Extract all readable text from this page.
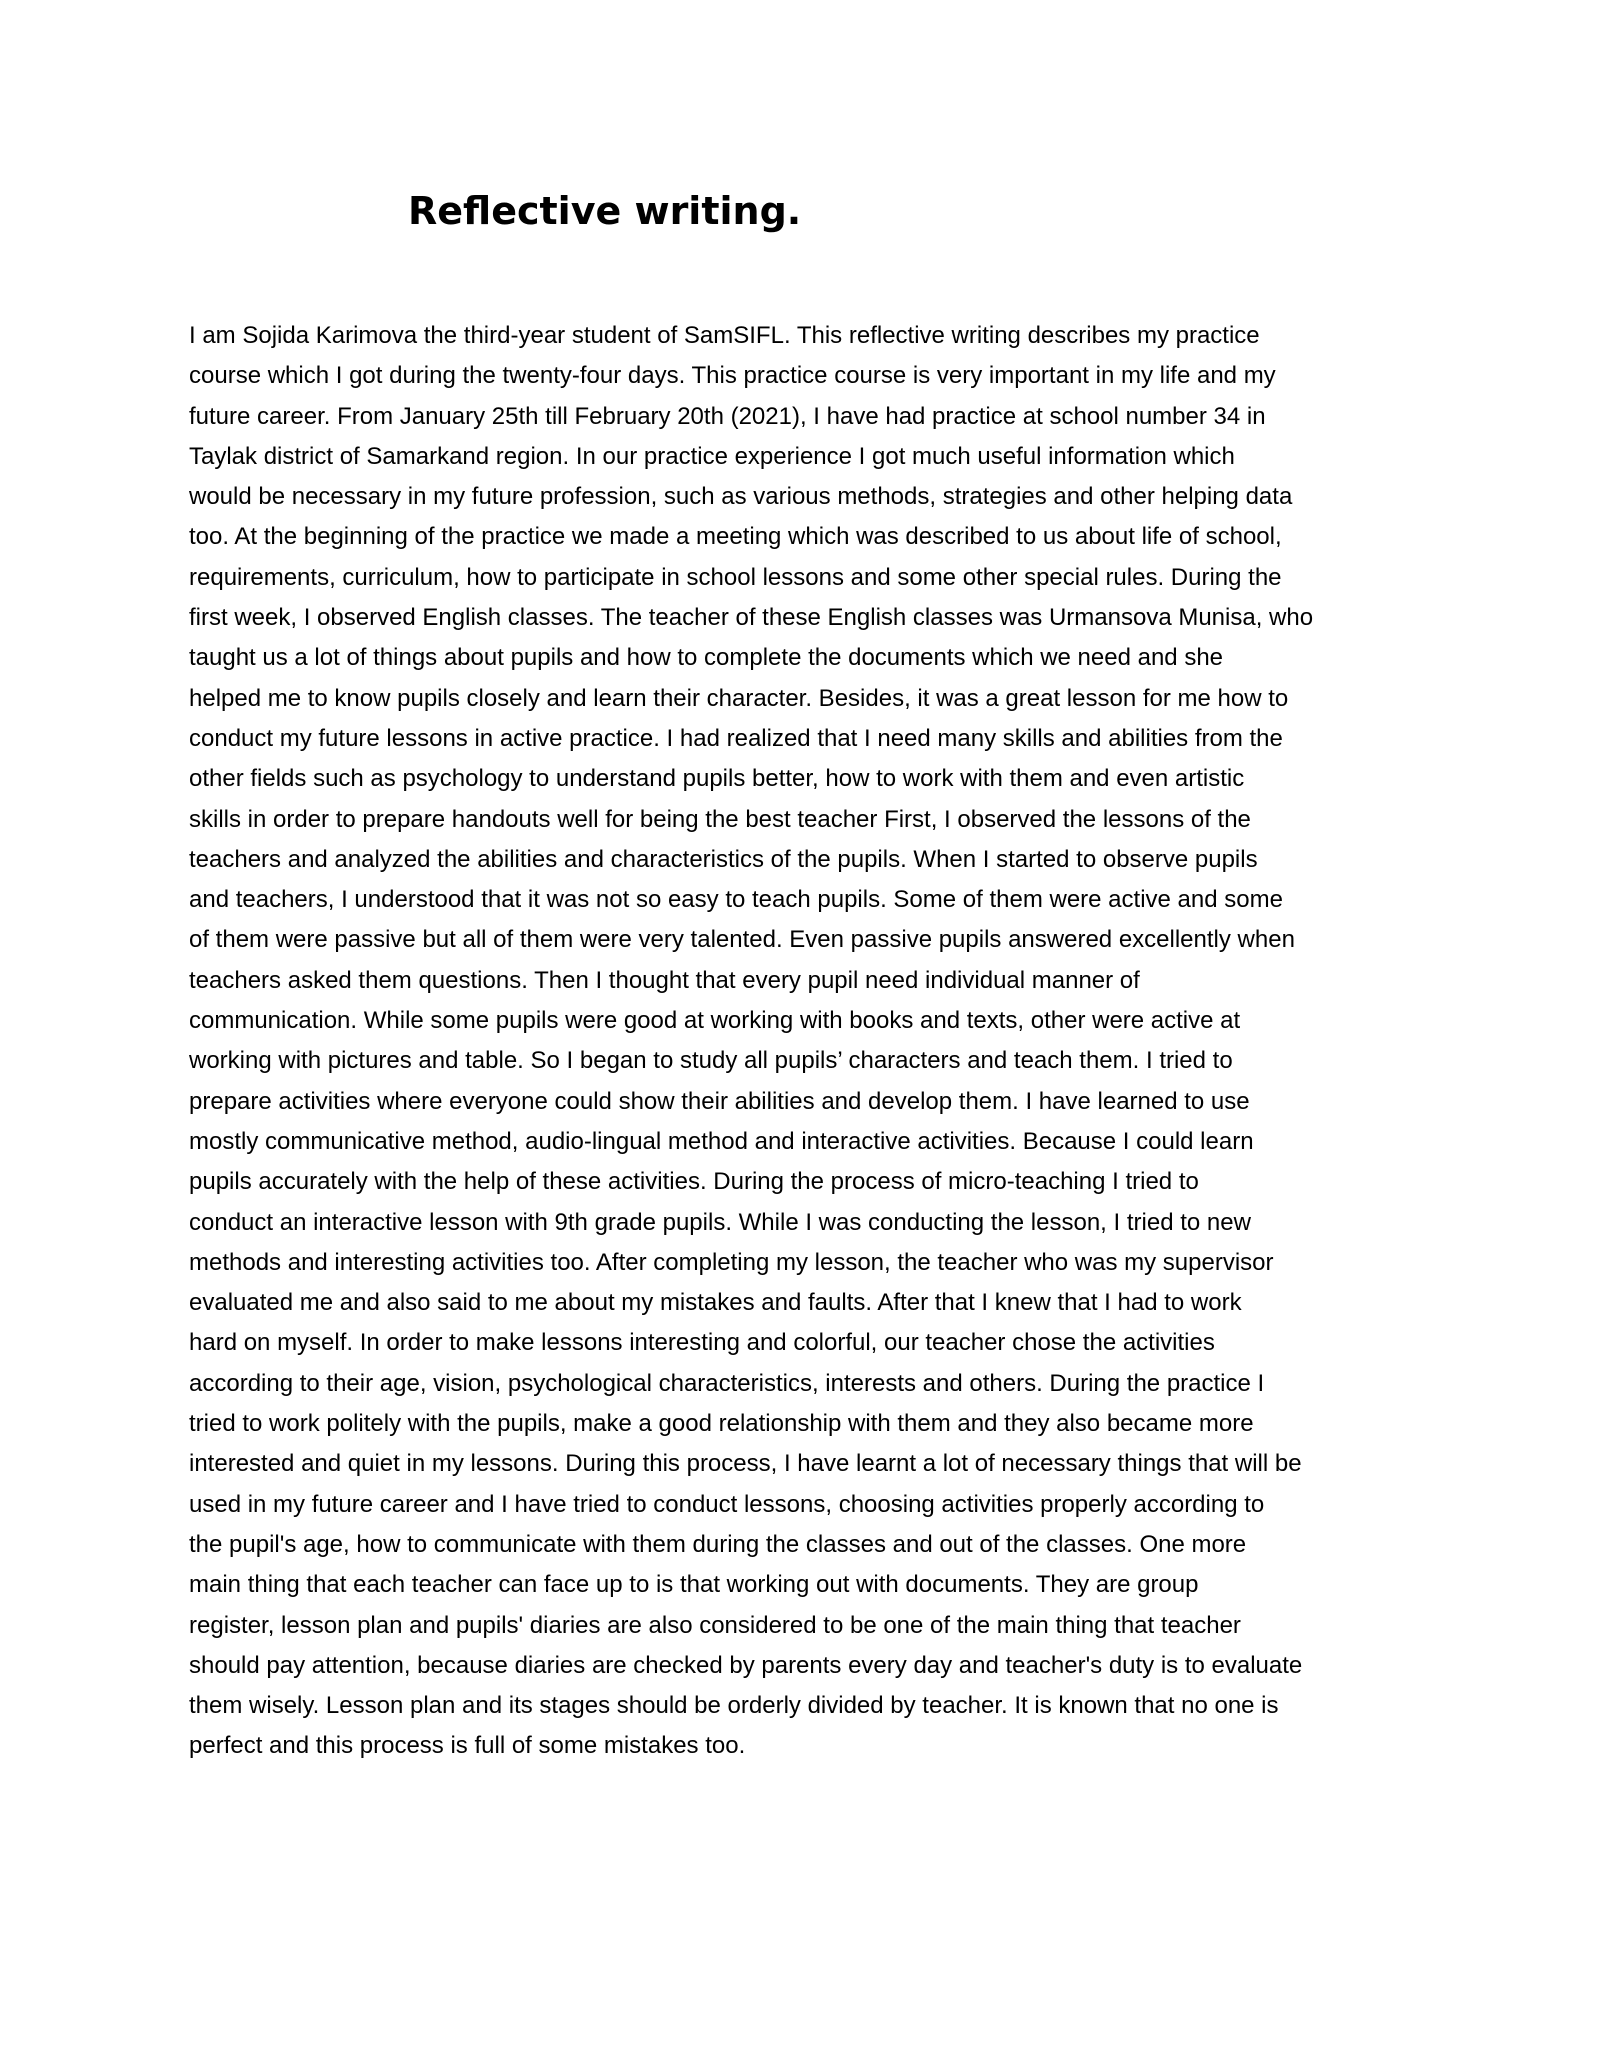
Reflective writing.

I am Sojida Karimova the third-year student of SamSIFL. This reflective writing describes my practice
course which I got during the twenty-four days. This practice course is very important in my life and my
future career. From January 25th till February 20th (2021), I have had practice at school number 34 in
Taylak district of Samarkand region. In our practice experience I got much useful information which
would be necessary in my future profession, such as various methods, strategies and other helping data
too. At the beginning of the practice we made a meeting which was described to us about life of school,
requirements, curriculum, how to participate in school lessons and some other special rules. During the
first week, I observed English classes. The teacher of these English classes was Urmansova Munisa, who
taught us a lot of things about pupils and how to complete the documents which we need and she
helped me to know pupils closely and learn their character. Besides, it was a great lesson for me how to
conduct my future lessons in active practice. I had realized that I need many skills and abilities from the
other fields such as psychology to understand pupils better, how to work with them and even artistic
skills in order to prepare handouts well for being the best teacher First, I observed the lessons of the
teachers and analyzed the abilities and characteristics of the pupils. When I started to observe pupils
and teachers, I understood that it was not so easy to teach pupils. Some of them were active and some
of them were passive but all of them were very talented. Even passive pupils answered excellently when
teachers asked them questions. Then I thought that every pupil need individual manner of
communication. While some pupils were good at working with books and texts, other were active at
working with pictures and table. So I began to study all pupils’ characters and teach them. I tried to
prepare activities where everyone could show their abilities and develop them. I have learned to use
mostly communicative method, audio-lingual method and interactive activities. Because I could learn
pupils accurately with the help of these activities. During the process of micro-teaching I tried to
conduct an interactive lesson with 9th grade pupils. While I was conducting the lesson, I tried to new
methods and interesting activities too. After completing my lesson, the teacher who was my supervisor
evaluated me and also said to me about my mistakes and faults. After that I knew that I had to work
hard on myself. In order to make lessons interesting and colorful, our teacher chose the activities
according to their age, vision, psychological characteristics, interests and others. During the practice I
tried to work politely with the pupils, make a good relationship with them and they also became more
interested and quiet in my lessons. During this process, I have learnt a lot of necessary things that will be
used in my future career and I have tried to conduct lessons, choosing activities properly according to
the pupil's age, how to communicate with them during the classes and out of the classes. One more
main thing that each teacher can face up to is that working out with documents. They are group
register, lesson plan and pupils' diaries are also considered to be one of the main thing that teacher
should pay attention, because diaries are checked by parents every day and teacher's duty is to evaluate
them wisely. Lesson plan and its stages should be orderly divided by teacher. It is known that no one is
perfect and this process is full of some mistakes too.
